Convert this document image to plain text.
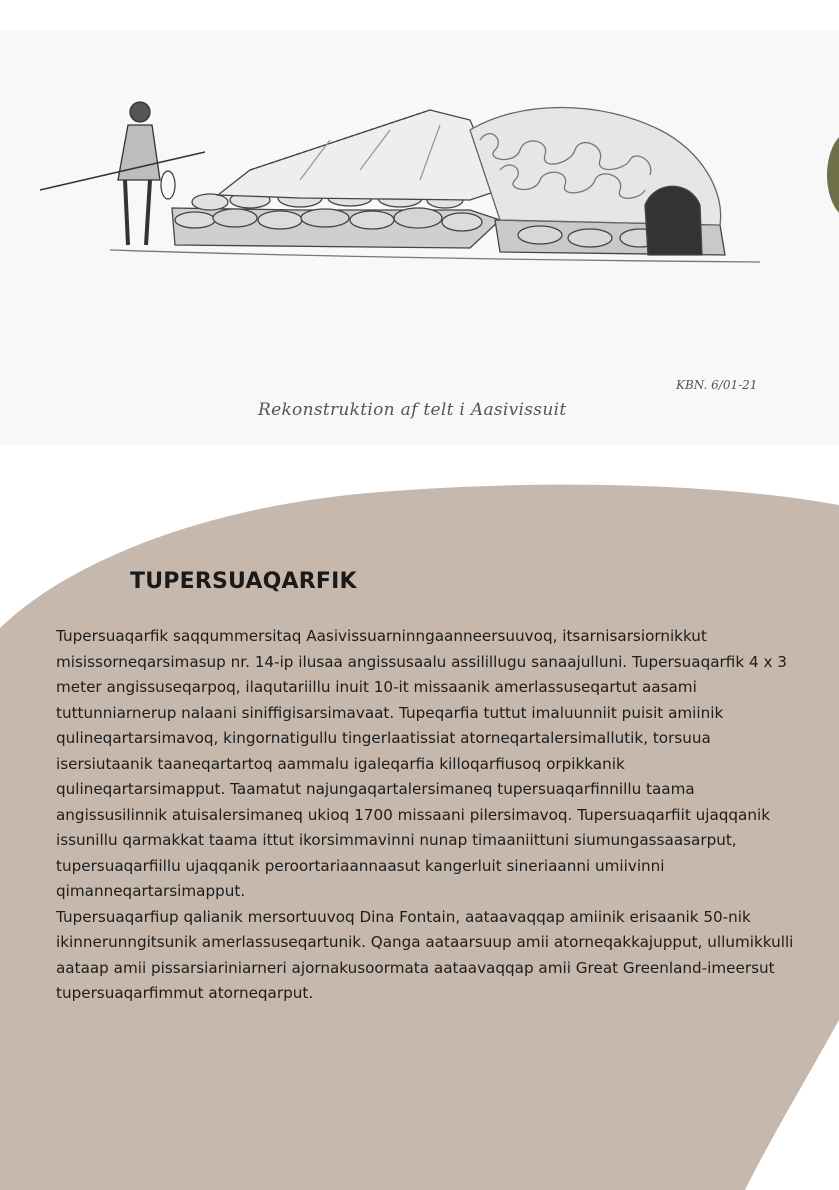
KBN. 6/01-21
Rekonstruktion af telt i Aasivissuit
TUPERSUAQARFIK

Tupersuaqarfik saqqummersitaq Aasivissuarninngaanneersuuvoq, itsarnisarsiornikkut misissorneqarsimasup nr. 14-ip ilusaa angissusaalu assilillugu sanaajulluni. Tupersuaqarfik 4 x 3 meter angissuseqarpoq, ilaqutariillu inuit 10-it missaanik amerlassuseqartut aasami tuttunniarnerup nalaani siniffigisarsimavaat. Tupeqarfia tuttut imaluunniit puisit amiinik qulineqartarsimavoq, kingornatigullu tingerlaatissiat atorneqartalersimallutik, torsuua isersiutaanik taaneqartartoq aammalu igaleqarfia killoqarfiusoq orpikkanik qulineqartarsimapput. Taamatut najungaqartalersimaneq tupersuaqarfinnillu taama angissusilinnik atuisalersimaneq ukioq 1700 missaani pilersimavoq. Tupersuaqarfiit ujaqqanik issunillu qarmakkat taama ittut ikorsimmavinni nunap timaaniittuni siumungassaasarput, tupersuaqarfiillu ujaqqanik peroortariaannaasut kangerluit sineriaanni umiivinni qimanneqartarsimapput.

Tupersuaqarfiup qalianik mersortuuvoq Dina Fontain, aataavaqqap amiinik erisaanik 50-nik ikinnerunngitsunik amerlassuseqartunik. Qanga aataarsuup amii atorneqakkajupput, ullumikkulli aataap amii pissarsiariniarneri ajornakusoormata aataavaqqap amii Great Greenland-imeersut tupersuaqarfimmut atorneqarput.
